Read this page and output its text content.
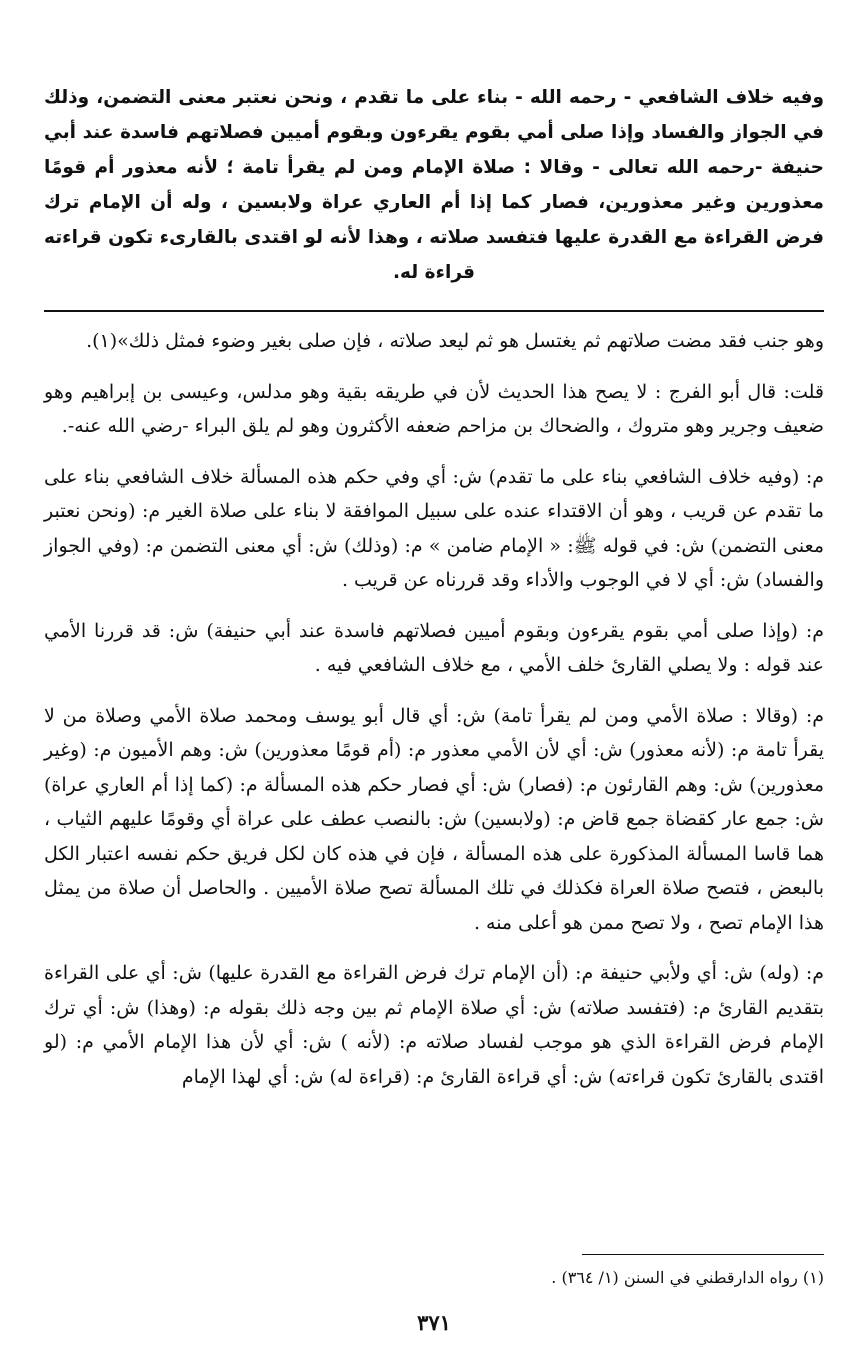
وفيه خلاف الشافعي - رحمه الله - بناء على ما تقدم ، ونحن نعتبر معنى التضمن، وذلك في الجواز والفساد وإذا صلى أمي بقوم يقرءون وبقوم أميين فصلاتهم فاسدة عند أبي حنيفة -رحمه الله تعالى - وقالا : صلاة الإمام ومن لم يقرأ تامة ؛ لأنه معذور أم قومًا معذورين وغير معذورين، فصار كما إذا أم العاري عراة ولابسين ، وله أن الإمام ترك فرض القراءة مع القدرة عليها فتفسد صلاته ، وهذا لأنه لو اقتدى بالقارىء تكون قراءته قراءة له.

وهو جنب فقد مضت صلاتهم ثم يغتسل هو ثم ليعد صلاته ، فإن صلى بغير وضوء فمثل ذلك»(١).

قلت: قال أبو الفرج : لا يصح هذا الحديث لأن في طريقه بقية وهو مدلس، وعيسى بن إبراهيم وهو ضعيف وجرير وهو متروك ، والضحاك بن مزاحم ضعفه الأكثرون وهو لم يلق البراء -رضي الله عنه-.

م: (وفيه خلاف الشافعي بناء على ما تقدم) ش: أي وفي حكم هذه المسألة خلاف الشافعي بناء على ما تقدم عن قريب ، وهو أن الاقتداء عنده على سبيل الموافقة لا بناء على صلاة الغير م: (ونحن نعتبر معنى التضمن) ش: في قوله ﷺ: « الإمام ضامن » م: (وذلك) ش: أي معنى التضمن م: (وفي الجواز والفساد) ش: أي لا في الوجوب والأداء وقد قررناه عن قريب .

م: (وإذا صلى أمي بقوم يقرءون وبقوم أميين فصلاتهم فاسدة عند أبي حنيفة) ش: قد قررنا الأمي عند قوله : ولا يصلي القارئ خلف الأمي ، مع خلاف الشافعي فيه .

م: (وقالا : صلاة الأمي ومن لم يقرأ تامة) ش: أي قال أبو يوسف ومحمد صلاة الأمي وصلاة من لا يقرأ تامة م: (لأنه معذور) ش: أي لأن الأمي معذور م: (أم قومًا معذورين) ش: وهم الأميون م: (وغير معذورين) ش: وهم القارئون م: (فصار) ش: أي فصار حكم هذه المسألة م: (كما إذا أم العاري عراة) ش: جمع عار كقضاة جمع قاض م: (ولابسين) ش: بالنصب عطف على عراة أي وقومًا عليهم الثياب ، هما قاسا المسألة المذكورة على هذه المسألة ، فإن في هذه كان لكل فريق حكم نفسه اعتبار الكل بالبعض ، فتصح صلاة العراة فكذلك في تلك المسألة تصح صلاة الأميين . والحاصل أن صلاة من يمثل هذا الإمام تصح ، ولا تصح ممن هو أعلى منه .

م: (وله) ش: أي ولأبي حنيفة م: (أن الإمام ترك فرض القراءة مع القدرة عليها) ش: أي على القراءة بتقديم القارئ م: (فتفسد صلاته) ش: أي صلاة الإمام ثم بين وجه ذلك بقوله م: (وهذا) ش: أي ترك الإمام فرض القراءة الذي هو موجب لفساد صلاته م: (لأنه ) ش: أي لأن هذا الإمام الأمي م: (لو اقتدى بالقارئ تكون قراءته) ش: أي قراءة القارئ م: (قراءة له) ش: أي لهذا الإمام

(١) رواه الدارقطني في السنن (١/ ٣٦٤) .
٣٧١
